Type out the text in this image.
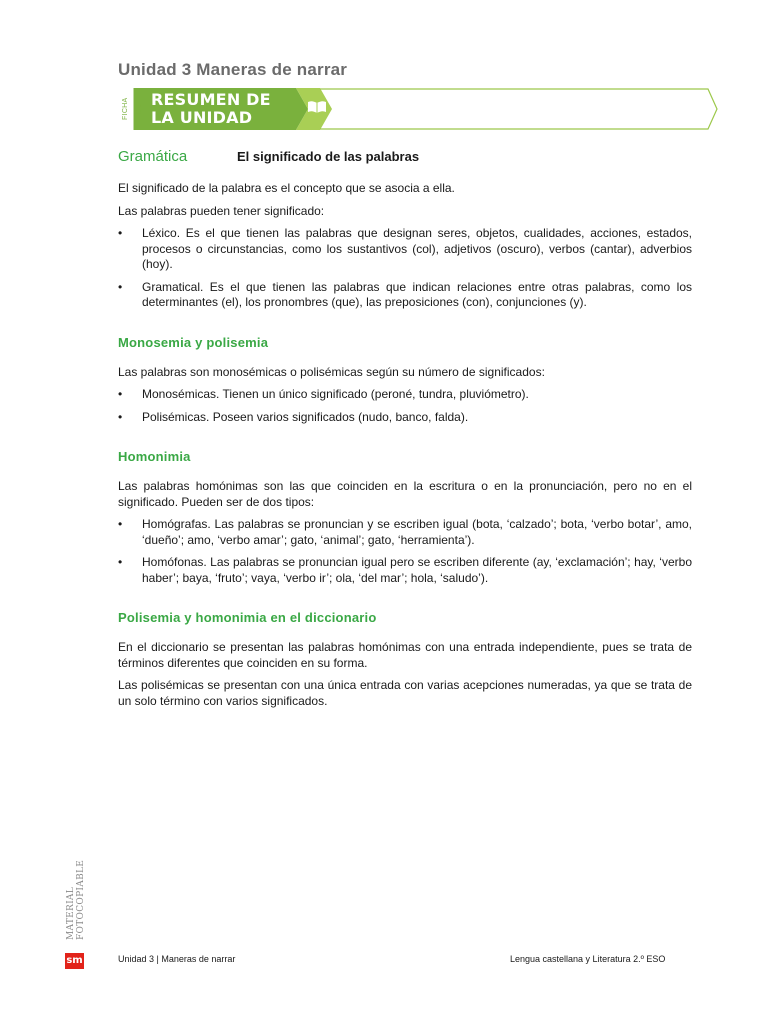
Unidad 3 Maneras de narrar
FICHA DE
RESUMEN DE
LA UNIDAD
Gramática	El significado de las palabras

El significado de la palabra es el concepto que se asocia a ella.

Las palabras pueden tener significado:

• Léxico. Es el que tienen las palabras que designan seres, objetos, cualidades, acciones, estados, procesos o circunstancias, como los sustantivos (col), adjetivos (oscuro), verbos (cantar), adverbios (hoy).
• Gramatical. Es el que tienen las palabras que indican relaciones entre otras palabras, como los determinantes (el), los pronombres (que), las preposiciones (con), conjunciones (y).
Monosemia y polisemia

Las palabras son monosémicas o polisémicas según su número de significados:

• Monosémicas. Tienen un único significado (peroné, tundra, pluviómetro).
• Polisémicas. Poseen varios significados (nudo, banco, falda).
Homonimia

Las palabras homónimas son las que coinciden en la escritura o en la pronunciación, pero no en el significado. Pueden ser de dos tipos:

• Homógrafas. Las palabras se pronuncian y se escriben igual (bota, ‘calzado’; bota, ‘verbo botar’, amo, ‘dueño’; amo, ‘verbo amar’; gato, ‘animal’; gato, ‘herramienta’).
• Homófonas. Las palabras se pronuncian igual pero se escriben diferente (ay, ‘exclamación’; hay, ‘verbo haber’; baya, ‘fruto’; vaya, ‘verbo ir’; ola, ‘del mar’; hola, ‘saludo’).
Polisemia y homonimia en el diccionario

En el diccionario se presentan las palabras homónimas con una entrada independiente, pues se trata de términos diferentes que coinciden en su forma.

Las polisémicas se presentan con una única entrada con varias acepciones numeradas, ya que se trata de un solo término con varios significados.

MATERIAL FOTOCOPIABLE
sm	Unidad 3 | Maneras de narrar	Lengua castellana y Literatura 2.º ESO
